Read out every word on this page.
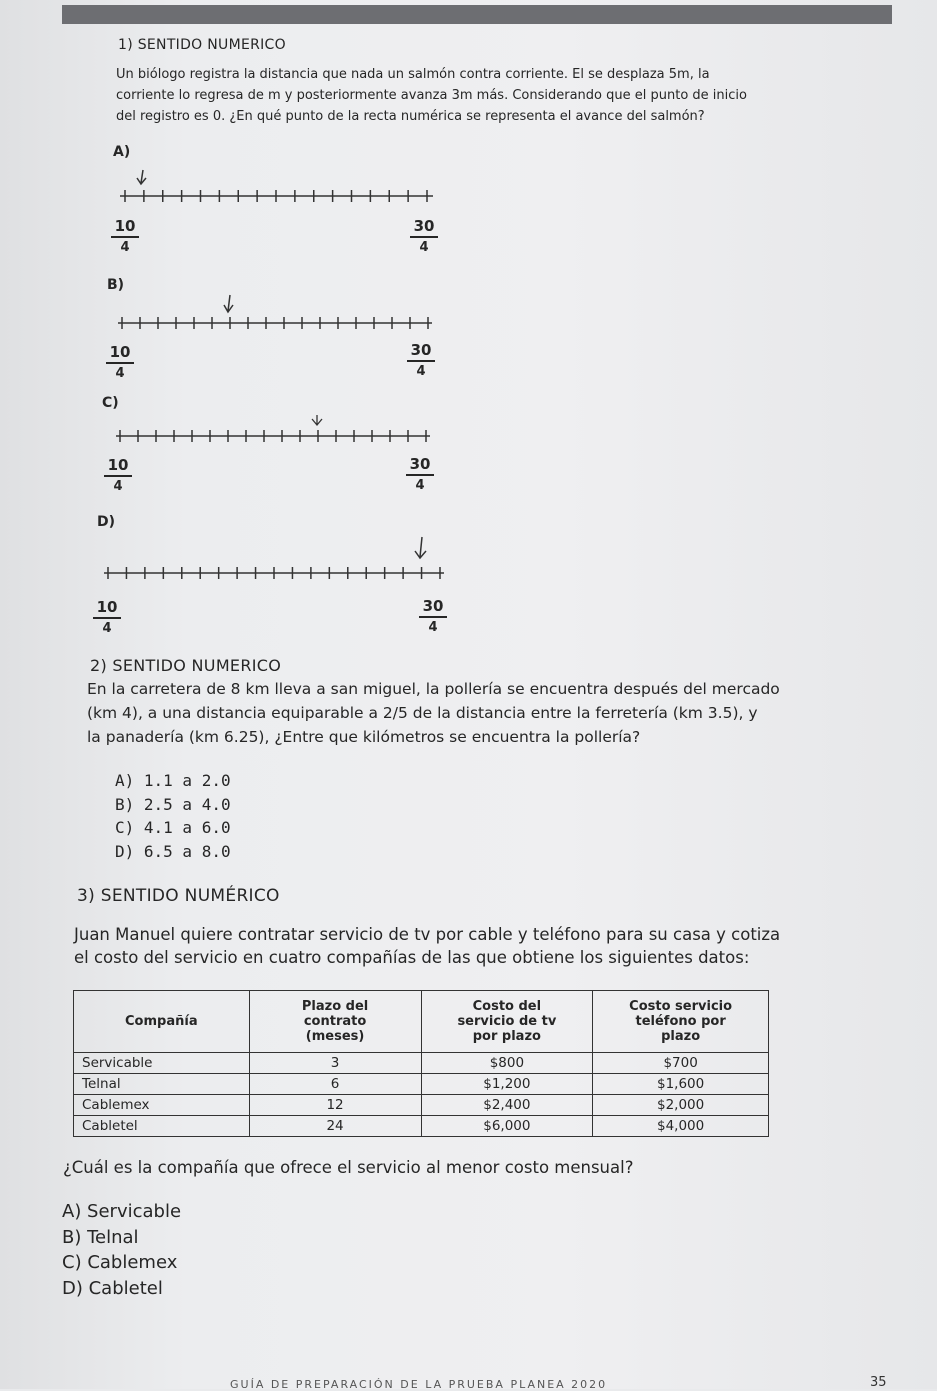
1) SENTIDO NUMERICO
Un biólogo registra la distancia que nada un salmón contra corriente. El se desplaza 5m, la
corriente lo regresa de m y posteriormente avanza 3m más. Considerando que el punto de inicio
del registro es 0. ¿En qué punto de la recta numérica se representa el avance del salmón?
A)
$\frac{10}{4}$	$\frac{30}{4}$
B)
$\frac{10}{4}$	$\frac{30}{4}$
C)
$\frac{10}{4}$	$\frac{30}{4}$
D)
$\frac{10}{4}$	$\frac{30}{4}$
2) SENTIDO NUMERICO
En la carretera de 8 km lleva a san miguel, la pollería se encuentra después del mercado
(km 4), a una distancia equiparable a 2/5 de la distancia entre la ferretería (km 3.5), y
la panadería (km 6.25), ¿Entre que kilómetros se encuentra la pollería?
A) 1.1 a 2.0
B) 2.5 a 4.0
C) 4.1 a 6.0
D) 6.5 a 8.0
3) SENTIDO NUMÉRICO
Juan Manuel quiere contratar servicio de tv por cable y teléfono para su casa y cotiza
el costo del servicio en cuatro compañías de las que obtiene los siguientes datos:
Compañía	Plazo del contrato (meses)	Costo del servicio de tv por plazo	Costo servicio teléfono por plazo
Servicable	3	$800	$700
Telnal	6	$1,200	$1,600
Cablemex	12	$2,400	$2,000
Cabletel	24	$6,000	$4,000
¿Cuál es la compañía que ofrece el servicio al menor costo mensual?
A) Servicable
B) Telnal
C) Cablemex
D) Cabletel
GUÍA DE PREPARACIÓN DE LA PRUEBA PLANEA 2020	35
